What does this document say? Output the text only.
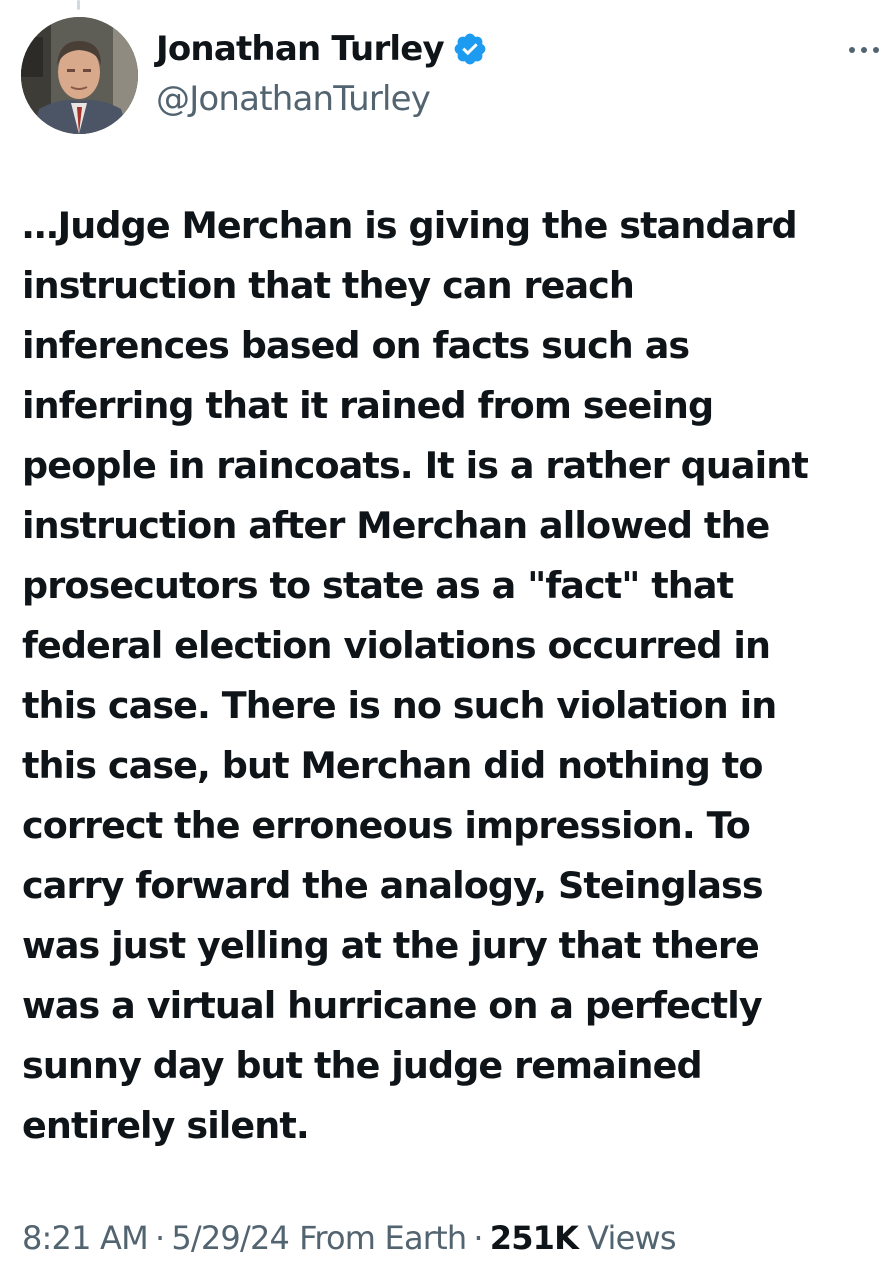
Jonathan Turley
@JonathanTurley
…Judge Merchan is giving the standard
instruction that they can reach
inferences based on facts such as
inferring that it rained from seeing
people in raincoats. It is a rather quaint
instruction after Merchan allowed the
prosecutors to state as a "fact" that
federal election violations occurred in
this case. There is no such violation in
this case, but Merchan did nothing to
correct the erroneous impression. To
carry forward the analogy, Steinglass
was just yelling at the jury that there
was a virtual hurricane on a perfectly
sunny day but the judge remained
entirely silent.
8:21 AM · 5/29/24 From Earth · 251K Views
